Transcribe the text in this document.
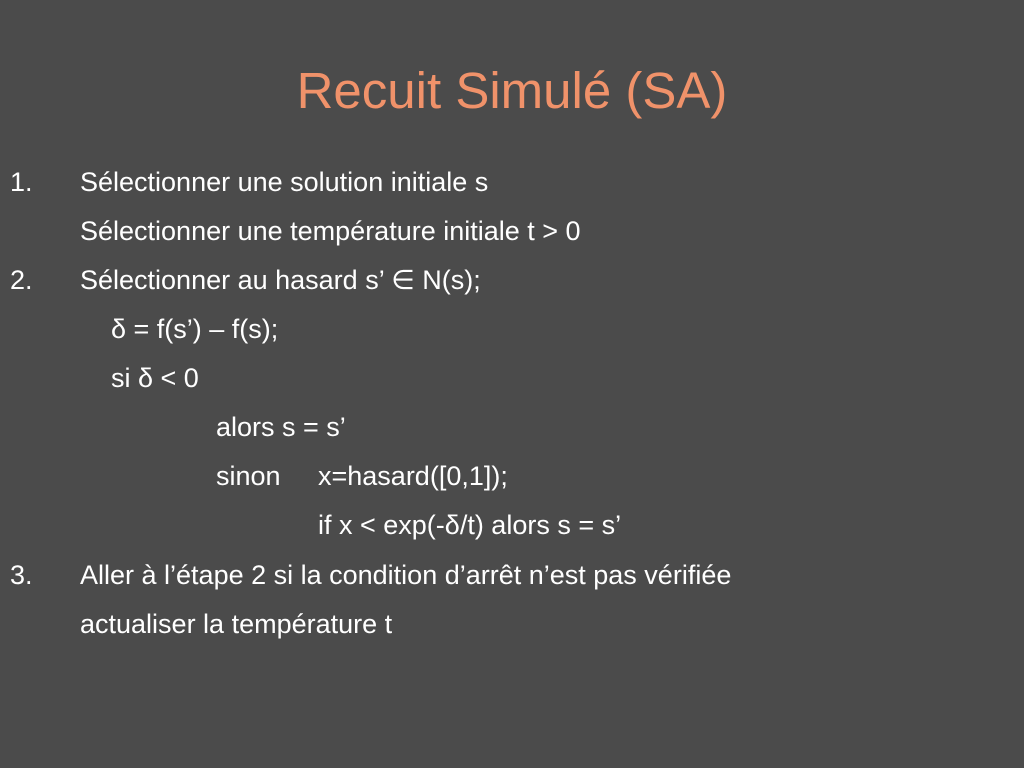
Recuit Simulé (SA)
1. Sélectionner une solution initiale s
Sélectionner une température initiale t > 0
2. Sélectionner au hasard s’ ∈ N(s);
δ = f(s’) – f(s);
si δ < 0
alors s = s’
sinon x=hasard([0,1]);
if x < exp(-δ/t) alors s = s’
3. Aller à l’étape 2 si la condition d’arrêt n’est pas vérifiée
actualiser la température t
